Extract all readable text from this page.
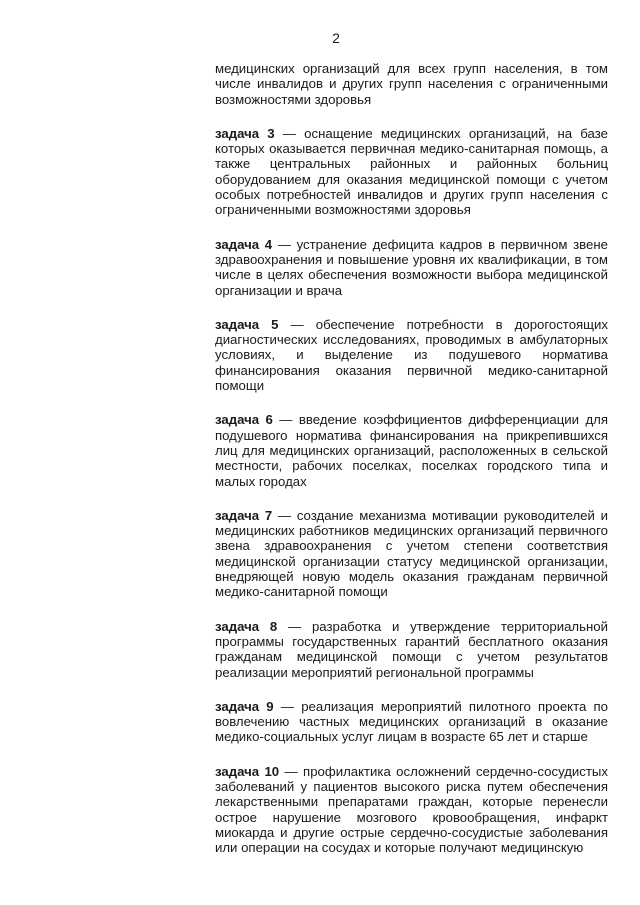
2

медицинских организаций для всех групп населения, в том числе инвалидов и других групп населения с ограниченными возможностями здоровья

задача 3 — оснащение медицинских организаций, на базе которых оказывается первичная медико-санитарная помощь, а также центральных районных и районных больниц оборудованием для оказания медицинской помощи с учетом особых потребностей инвалидов и других групп населения с ограниченными возможностями здоровья

задача 4 — устранение дефицита кадров в первичном звене здравоохранения и повышение уровня их квалификации, в том числе в целях обеспечения возможности выбора медицинской организации и врача

задача 5 — обеспечение потребности в дорогостоящих диагностических исследованиях, проводимых в амбулаторных условиях, и выделение из подушевого норматива финансирования оказания первичной медико-санитарной помощи

задача 6 — введение коэффициентов дифференциации для подушевого норматива финансирования на прикрепившихся лиц для медицинских организаций, расположенных в сельской местности, рабочих поселках, поселках городского типа и малых городах

задача 7 — создание механизма мотивации руководителей и медицинских работников медицинских организаций первичного звена здравоохранения с учетом степени соответствия медицинской организации статусу медицинской организации, внедряющей новую модель оказания гражданам первичной медико-санитарной помощи

задача 8 — разработка и утверждение территориальной программы государственных гарантий бесплатного оказания гражданам медицинской помощи с учетом результатов реализации мероприятий региональной программы

задача 9 — реализация мероприятий пилотного проекта по вовлечению частных медицинских организаций в оказание медико-социальных услуг лицам в возрасте 65 лет и старше

задача 10 — профилактика осложнений сердечно-сосудистых заболеваний у пациентов высокого риска путем обеспечения лекарственными препаратами граждан, которые перенесли острое нарушение мозгового кровообращения, инфаркт миокарда и другие острые сердечно-сосудистые заболевания или операции на сосудах и которые получают медицинскую
